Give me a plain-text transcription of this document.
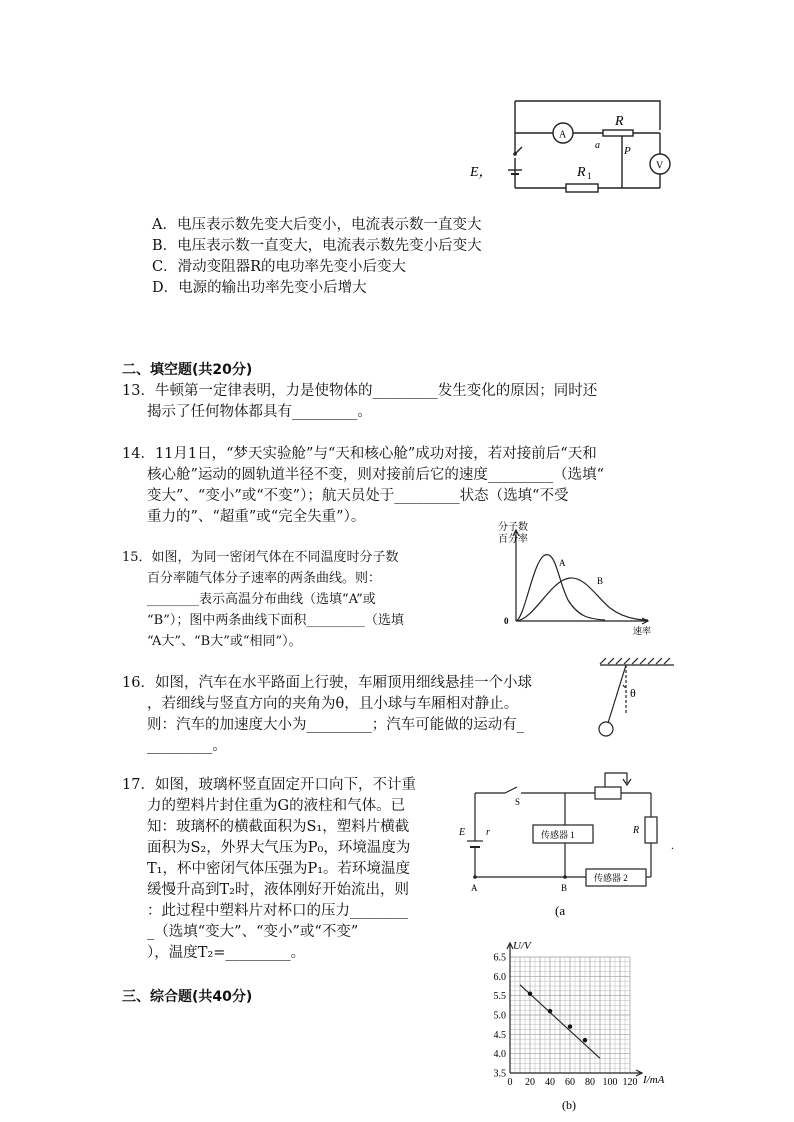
A
V
R
a P
R 1
E，
A．电压表示数先变大后变小，电流表示数一直变大
B．电压表示数一直变大，电流表示数先变小后变大
C．滑动变阻器R的电功率先变小后变大
D．电源的输出功率先变小后增大
二、填空题(共20分)
13．牛顿第一定律表明，力是使物体的_________发生变化的原因；同时还
揭示了任何物体都具有_________。
14．11月1日，“梦天实验舱”与“天和核心舱”成功对接，若对接前后“天和
核心舱”运动的圆轨道半径不变，则对接前后它的速度_________（选填“
变大”、“变小”或“不变”）；航天员处于_________状态（选填“不受
重力的”、“超重”或“完全失重”）。
15．如图，为同一密闭气体在不同温度时分子数
百分率随气体分子速率的两条曲线。则：
________表示高温分布曲线（选填“A”或
“B”）；图中两条曲线下面积_________（选填
“A大”、“B大”或“相同”）。
分子数
百分率
A
B
0
速率
16．如图，汽车在水平路面上行驶，车厢顶用细线悬挂一个小球
，若细线与竖直方向的夹角为θ，且小球与车厢相对静止。
则：汽车的加速度大小为_________；汽车可能做的运动有_
_________。
θ
17．如图，玻璃杯竖直固定开口向下，不计重
力的塑料片封住重为G的液柱和气体。已
知：玻璃杯的横截面积为S₁，塑料片横截
面积为S₂，外界大气压为P₀，环境温度为
T₁，杯中密闭气体压强为P₁。若环境温度
缓慢升高到T₂时，液体刚好开始流出，则
：此过程中塑料片对杯口的压力________
_（选填“变大”、“变小”或“不变”
），温度T₂=_________。
S
E r	传感器 1
传感器 2
R
A	B
.
(a
三、综合题(共40分)
0 20 40 60 80 100 120
3.5
4.0
4.5
5.0
5.5
6.0
6.5
U/V
I/mA
(b)
